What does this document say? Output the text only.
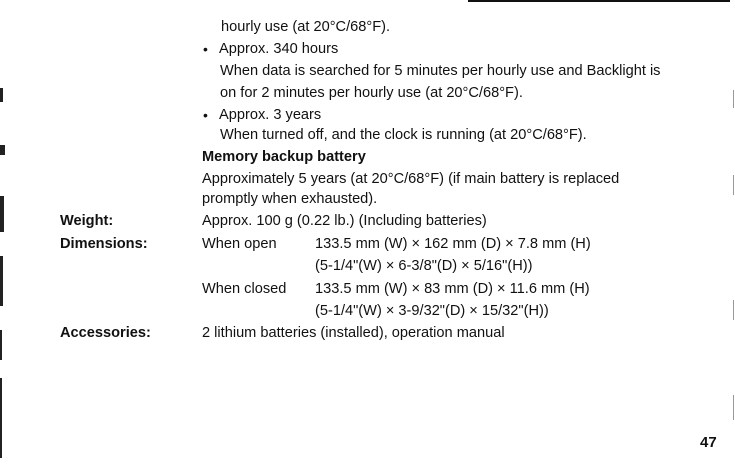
hourly use (at 20°C/68°F).
• Approx. 340 hours
When data is searched for 5 minutes per hourly use and Backlight is
on for 2 minutes per hourly use (at 20°C/68°F).
• Approx. 3 years
When turned off, and the clock is running (at 20°C/68°F).
Memory backup battery
Approximately 5 years (at 20°C/68°F) (if main battery is replaced
promptly when exhausted).
Weight:	Approx. 100 g (0.22 lb.) (Including batteries)
Dimensions:	When open	133.5 mm (W) × 162 mm (D) × 7.8 mm (H)
(5-1/4"(W) × 6-3/8"(D) × 5/16"(H))
When closed 133.5 mm (W) × 83 mm (D) × 11.6 mm (H)
(5-1/4"(W) × 3-9/32"(D) × 15/32"(H))
Accessories:	2 lithium batteries (installed), operation manual
47
